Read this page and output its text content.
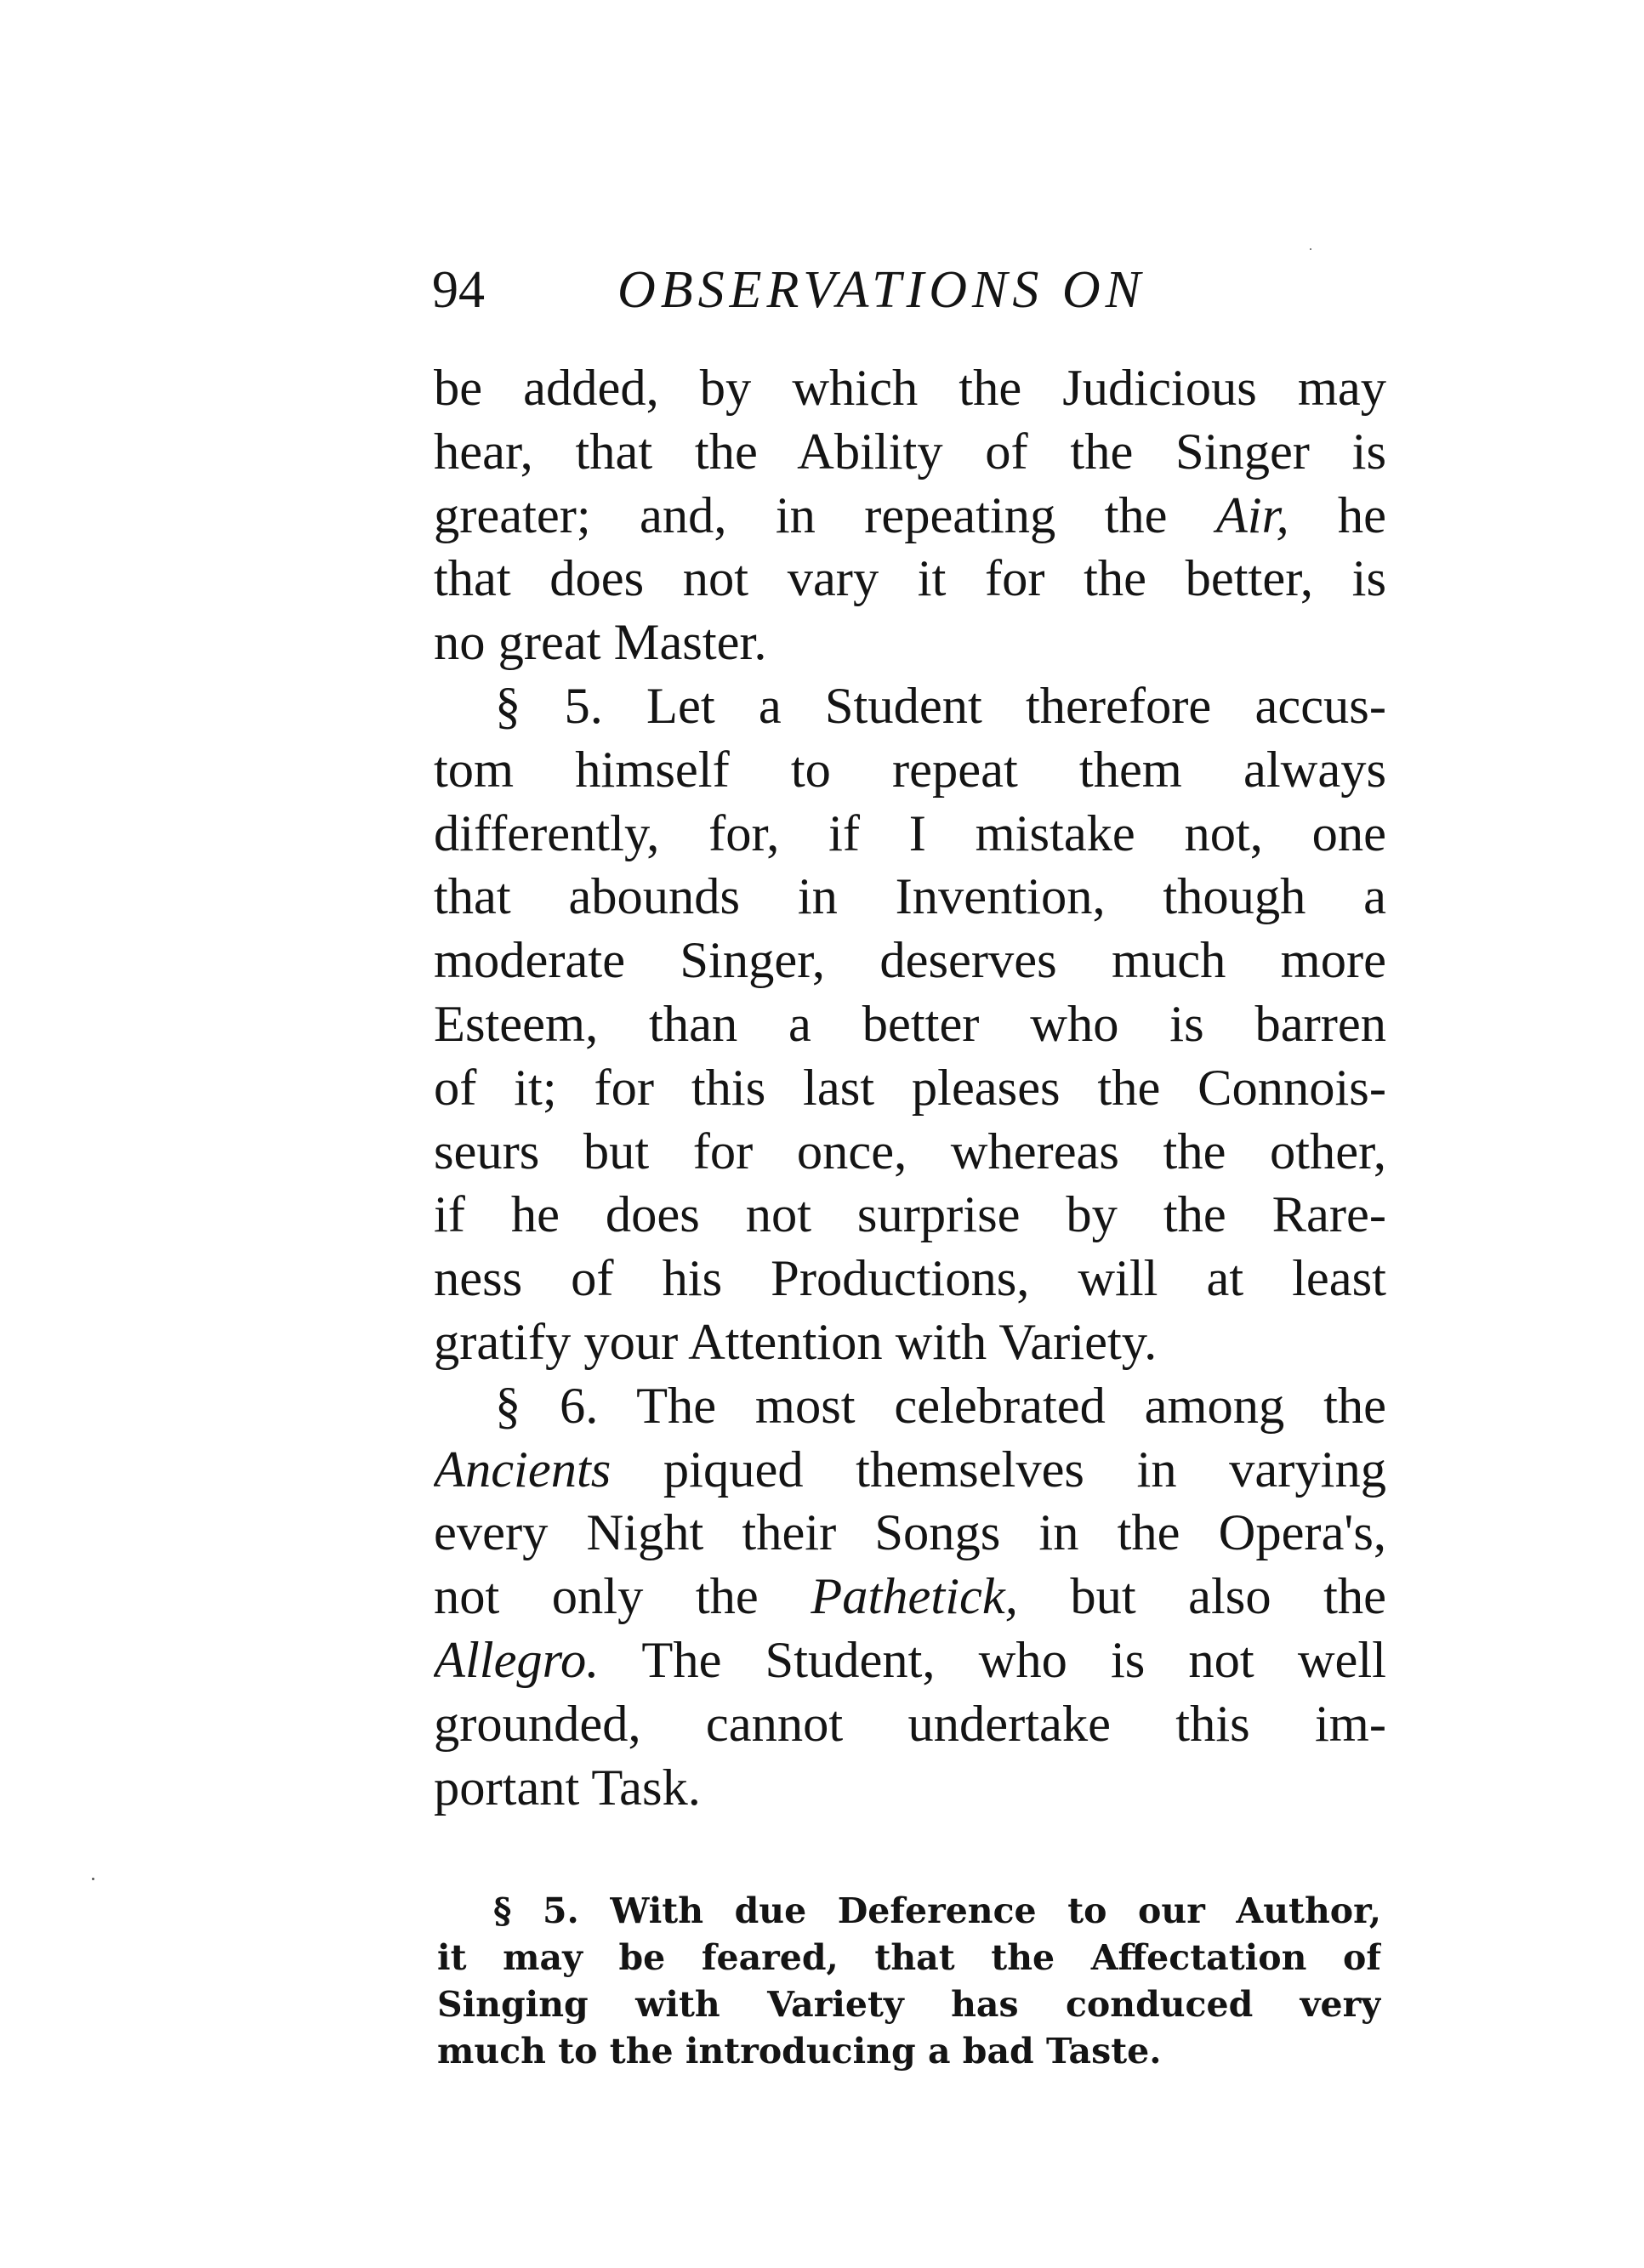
94	OBSERVATIONS ON
be added, by which the Judicious may
hear, that the Ability of the Singer is
greater; and, in repeating the Air, he
that does not vary it for the better, is
no great Master.
§ 5. Let a Student therefore accus-
tom himself to repeat them always
differently, for, if I mistake not, one
that abounds in Invention, though a
moderate Singer, deserves much more
Esteem, than a better who is barren
of it; for this last pleases the Connois-
seurs but for once, whereas the other,
if he does not surprise by the Rare-
ness of his Productions, will at least
gratify your Attention with Variety.
§ 6. The most celebrated among the
Ancients piqued themselves in varying
every Night their Songs in the Opera's,
not only the Pathetick, but also the
Allegro. The Student, who is not well
grounded, cannot undertake this im-
portant Task.
§ 5. With due Deference to our Author,
it may be feared, that the Affectation of
Singing with Variety has conduced very
much to the introducing a bad Taste.
